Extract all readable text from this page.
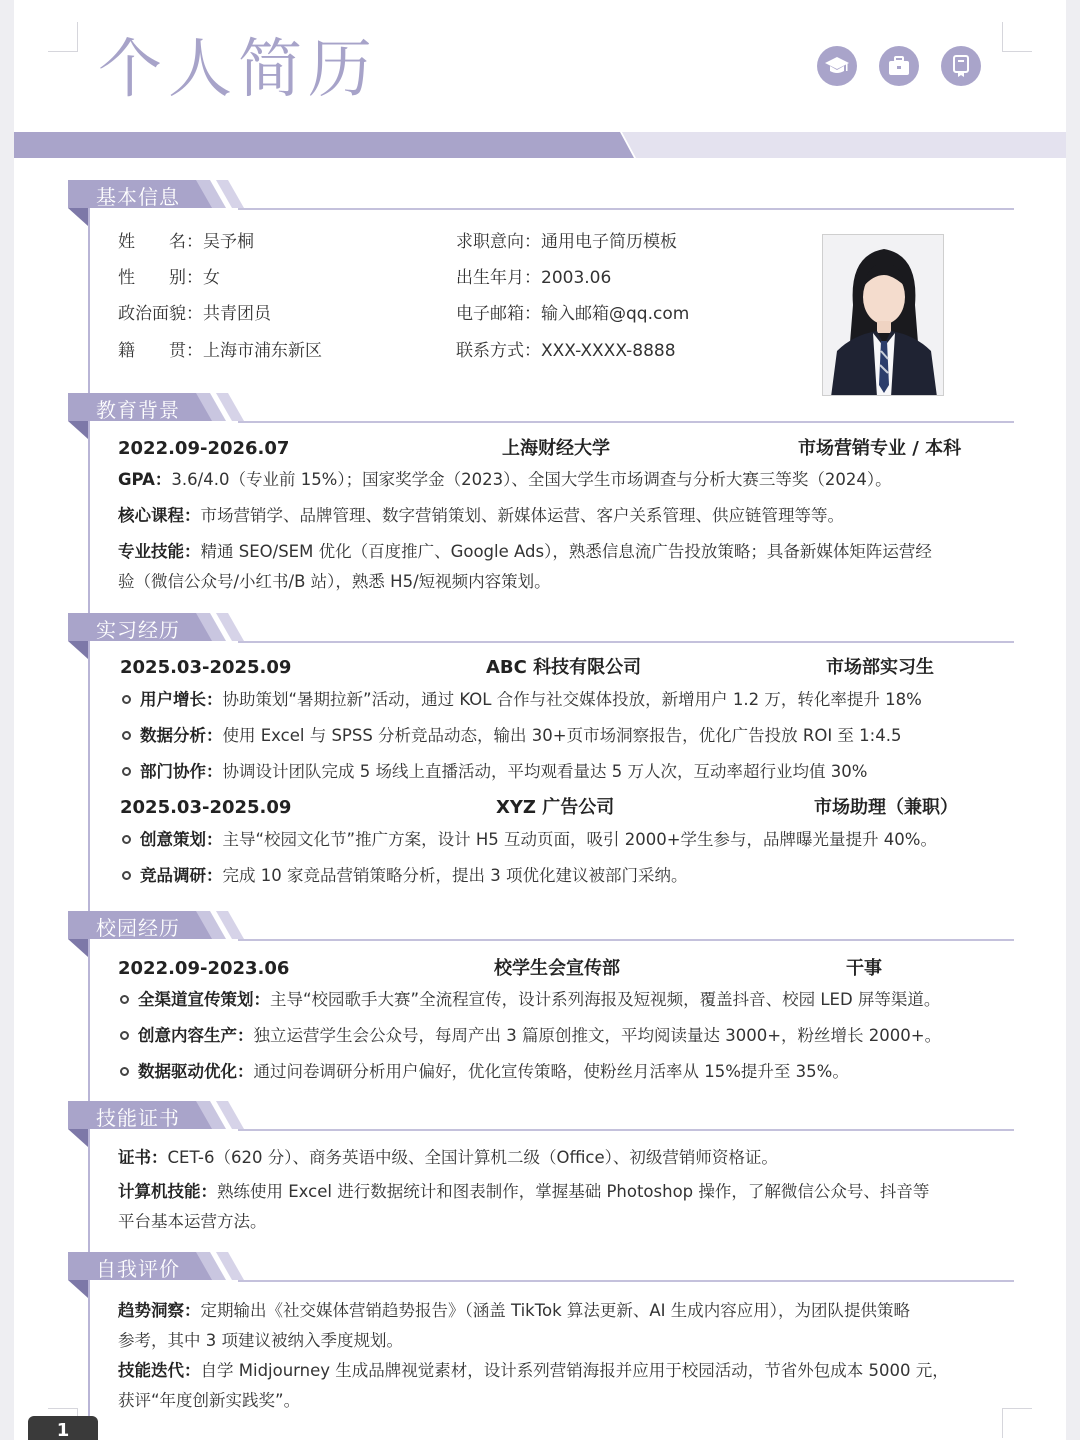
个人简历
基本信息
姓　　名：吴予桐
性　　别：女
政治面貌：共青团员
籍　　贯：上海市浦东新区
求职意向：通用电子简历模板
出生年月：2003.06
电子邮箱：输入邮箱@qq.com
联系方式：XXX-XXXX-8888
教育背景
2022.09-2026.07	上海财经大学	市场营销专业 / 本科
GPA：3.6/4.0（专业前 15%）；国家奖学金（2023）、全国大学生市场调查与分析大赛三等奖（2024）。
核心课程：市场营销学、品牌管理、数字营销策划、新媒体运营、客户关系管理、供应链管理等等。
专业技能：精通 SEO/SEM 优化（百度推广、Google Ads），熟悉信息流广告投放策略；具备新媒体矩阵运营经
验（微信公众号/小红书/B 站），熟悉 H5/短视频内容策划。
实习经历
2025.03-2025.09	ABC 科技有限公司	市场部实习生
用户增长：协助策划“暑期拉新”活动，通过 KOL 合作与社交媒体投放，新增用户 1.2 万，转化率提升 18%
数据分析：使用 Excel 与 SPSS 分析竞品动态，输出 30+页市场洞察报告，优化广告投放 ROI 至 1:4.5
部门协作：协调设计团队完成 5 场线上直播活动，平均观看量达 5 万人次，互动率超行业均值 30%
2025.03-2025.09	XYZ 广告公司	市场助理（兼职）
创意策划：主导“校园文化节”推广方案，设计 H5 互动页面，吸引 2000+学生参与，品牌曝光量提升 40%。
竞品调研：完成 10 家竞品营销策略分析，提出 3 项优化建议被部门采纳。
校园经历
2022.09-2023.06	校学生会宣传部	干事
全渠道宣传策划：主导“校园歌手大赛”全流程宣传，设计系列海报及短视频，覆盖抖音、校园 LED 屏等渠道。
创意内容生产：独立运营学生会公众号，每周产出 3 篇原创推文，平均阅读量达 3000+，粉丝增长 2000+。
数据驱动优化：通过问卷调研分析用户偏好，优化宣传策略，使粉丝月活率从 15%提升至 35%。
技能证书
证书：CET-6（620 分）、商务英语中级、全国计算机二级（Office）、初级营销师资格证。
计算机技能：熟练使用 Excel 进行数据统计和图表制作，掌握基础 Photoshop 操作，了解微信公众号、抖音等
平台基本运营方法。
自我评价
趋势洞察：定期输出《社交媒体营销趋势报告》（涵盖 TikTok 算法更新、AI 生成内容应用），为团队提供策略
参考，其中 3 项建议被纳入季度规划。
技能迭代：自学 Midjourney 生成品牌视觉素材，设计系列营销海报并应用于校园活动，节省外包成本 5000 元，
获评“年度创新实践奖”。
1
